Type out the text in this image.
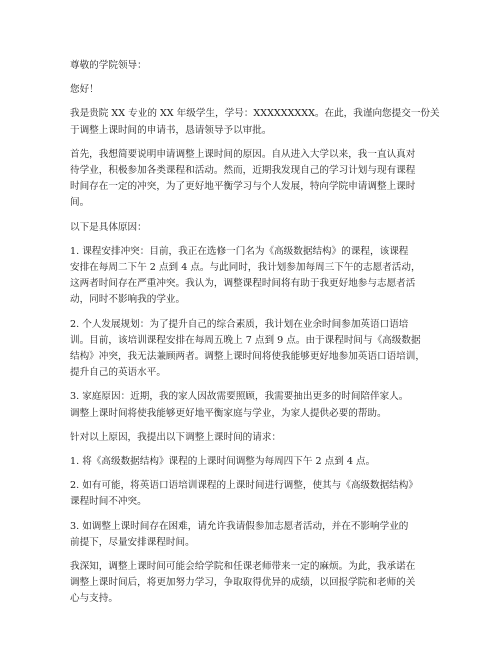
尊敬的学院领导：

您好！

我是贵院 XX 专业的 XX 年级学生，学号：XXXXXXXXX。在此，我谨向您提交一份关
于调整上课时间的申请书，恳请领导予以审批。

首先，我想简要说明申请调整上课时间的原因。自从进入大学以来，我一直认真对
待学业，积极参加各类课程和活动。然而，近期我发现自己的学习计划与现有课程
时间存在一定的冲突，为了更好地平衡学习与个人发展，特向学院申请调整上课时
间。

以下是具体原因：

1. 课程安排冲突：目前，我正在选修一门名为《高级数据结构》的课程，该课程
安排在每周二下午 2 点到 4 点。与此同时，我计划参加每周三下午的志愿者活动，
这两者时间存在严重冲突。我认为，调整课程时间将有助于我更好地参与志愿者活
动，同时不影响我的学业。

2. 个人发展规划：为了提升自己的综合素质，我计划在业余时间参加英语口语培
训。目前，该培训课程安排在每周五晚上 7 点到 9 点。由于课程时间与《高级数据
结构》冲突，我无法兼顾两者。调整上课时间将使我能够更好地参加英语口语培训，
提升自己的英语水平。

3. 家庭原因：近期，我的家人因故需要照顾，我需要抽出更多的时间陪伴家人。
调整上课时间将使我能够更好地平衡家庭与学业，为家人提供必要的帮助。

针对以上原因，我提出以下调整上课时间的请求：

1. 将《高级数据结构》课程的上课时间调整为每周四下午 2 点到 4 点。

2. 如有可能，将英语口语培训课程的上课时间进行调整，使其与《高级数据结构》
课程时间不冲突。

3. 如调整上课时间存在困难，请允许我请假参加志愿者活动，并在不影响学业的
前提下，尽量安排课程时间。

我深知，调整上课时间可能会给学院和任课老师带来一定的麻烦。为此，我承诺在
调整上课时间后，将更加努力学习，争取取得优异的成绩，以回报学院和老师的关
心与支持。
